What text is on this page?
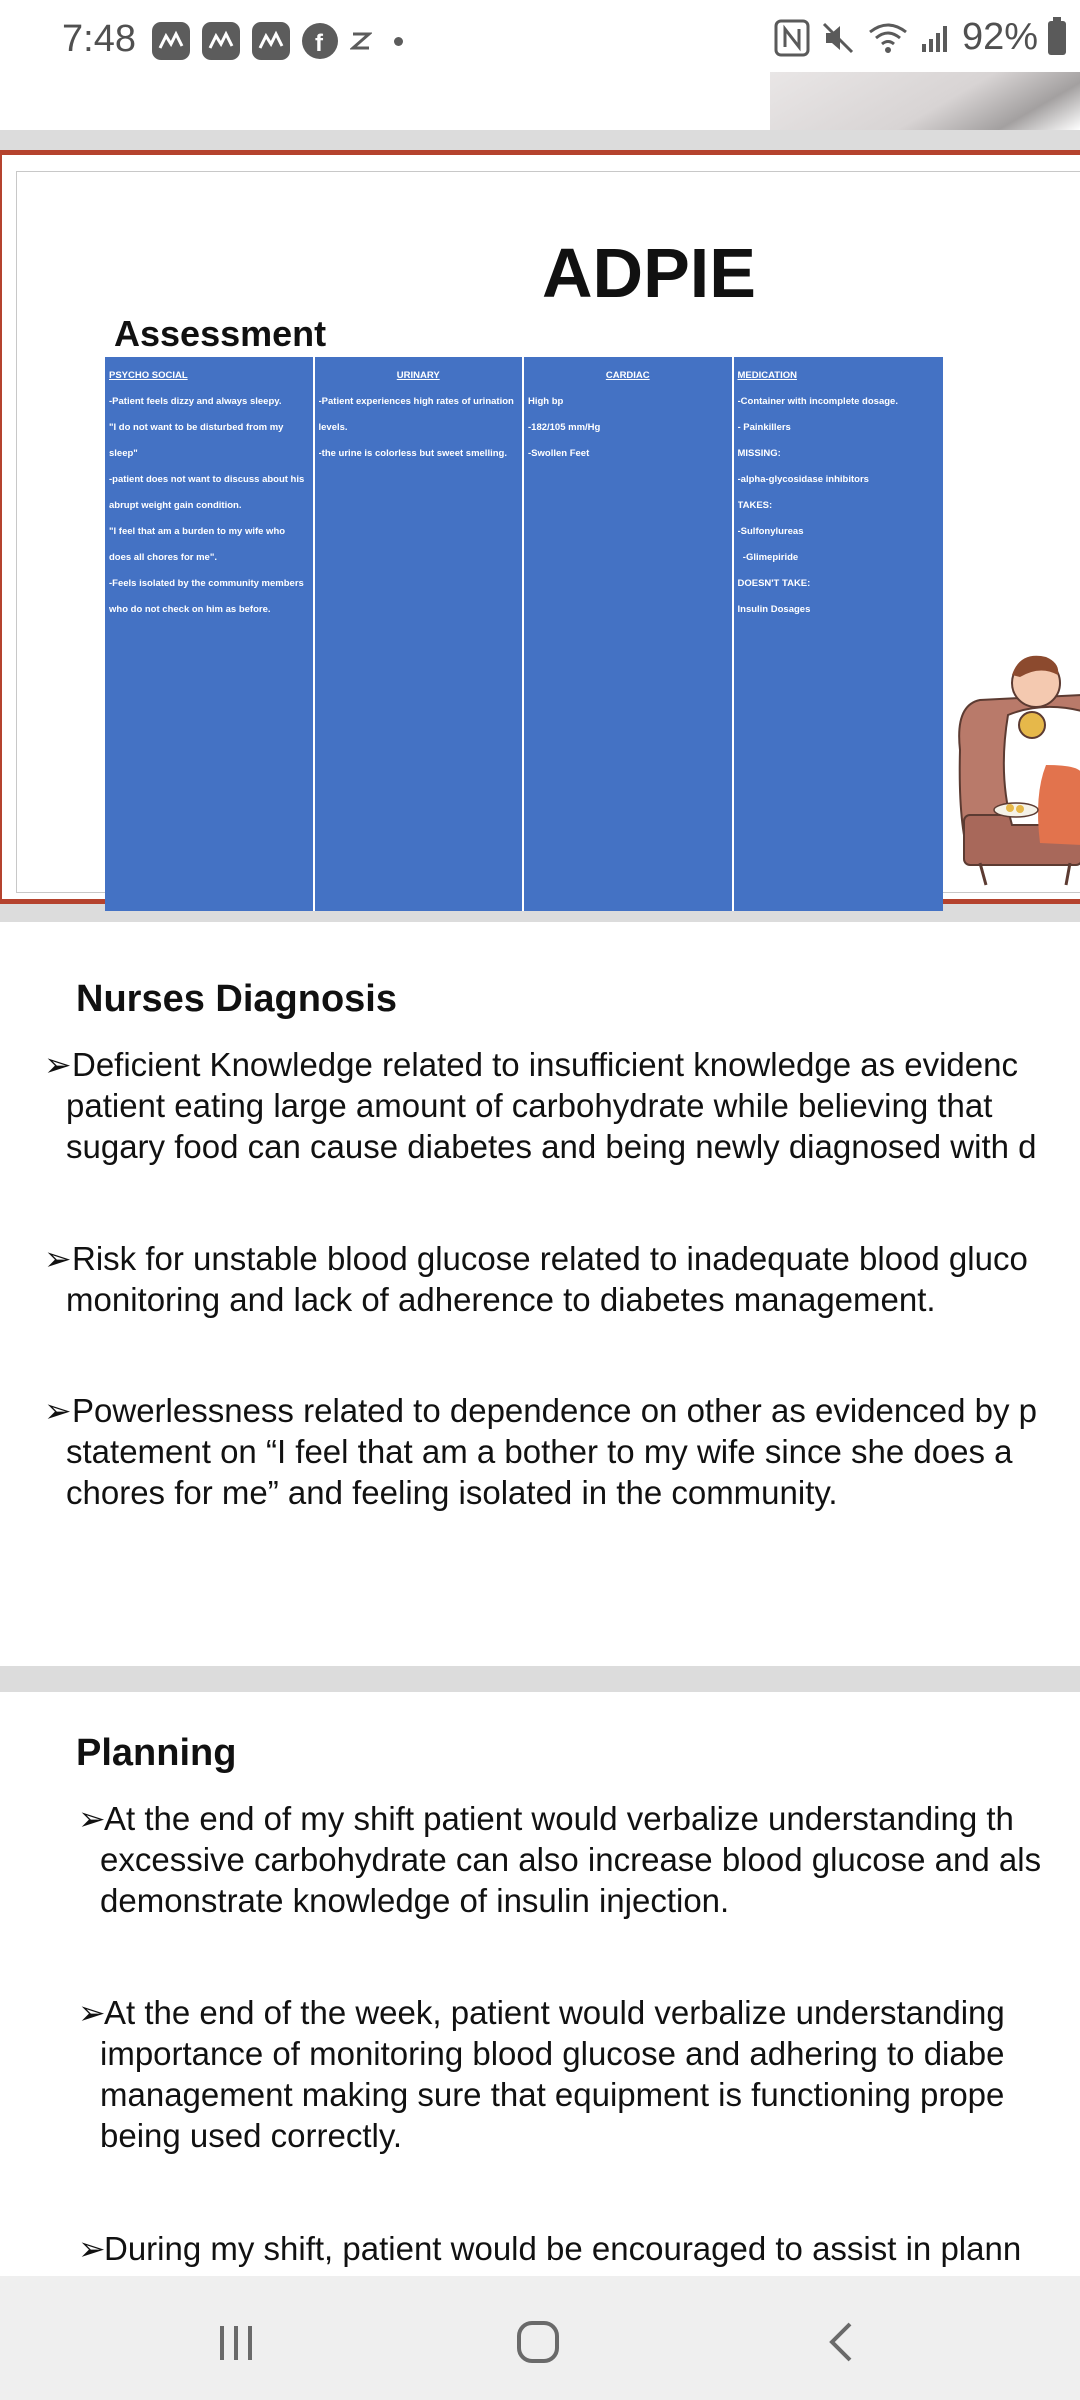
7:48	f	92%
ADPIE
Assessment
PSYCHO SOCIAL
-Patient feels dizzy and always sleepy.
"I do not want to be disturbed from my
sleep"
-patient does not want to discuss about his
abrupt weight gain condition.
"I feel that am a burden to my wife who
does all chores for me".
-Feels isolated by the community members
who do not check on him as before.
URINARY
-Patient experiences high rates of urination
levels.
-the urine is colorless but sweet smelling.
CARDIAC
High bp
-182/105 mm/Hg
-Swollen Feet
MEDICATION
-Container with incomplete dosage.
- Painkillers
MISSING:
-alpha-glycosidase inhibitors
TAKES:
-Sulfonylureas
-Glimepiride
DOESN'T TAKE:
Insulin Dosages
Nurses Diagnosis
➢ Deficient Knowledge related to insufficient knowledge as evidenc
patient eating large amount of carbohydrate while believing that
sugary food can cause diabetes and being newly diagnosed with d
➢ Risk for unstable blood glucose related to inadequate blood gluco
monitoring and lack of adherence to diabetes management.
➢ Powerlessness related to dependence on other as evidenced by p
statement on “I feel that am a bother to my wife since she does a
chores for me” and feeling isolated in the community.
Planning
➢
At the end of my shift patient would verbalize understanding th
excessive carbohydrate can also increase blood glucose and als
demonstrate knowledge of insulin injection.
➢
At the end of the week, patient would verbalize understanding
importance of monitoring blood glucose and adhering to diabe
management making sure that equipment is functioning prope
being used correctly.
➢
During my shift, patient would be encouraged to assist in plann
